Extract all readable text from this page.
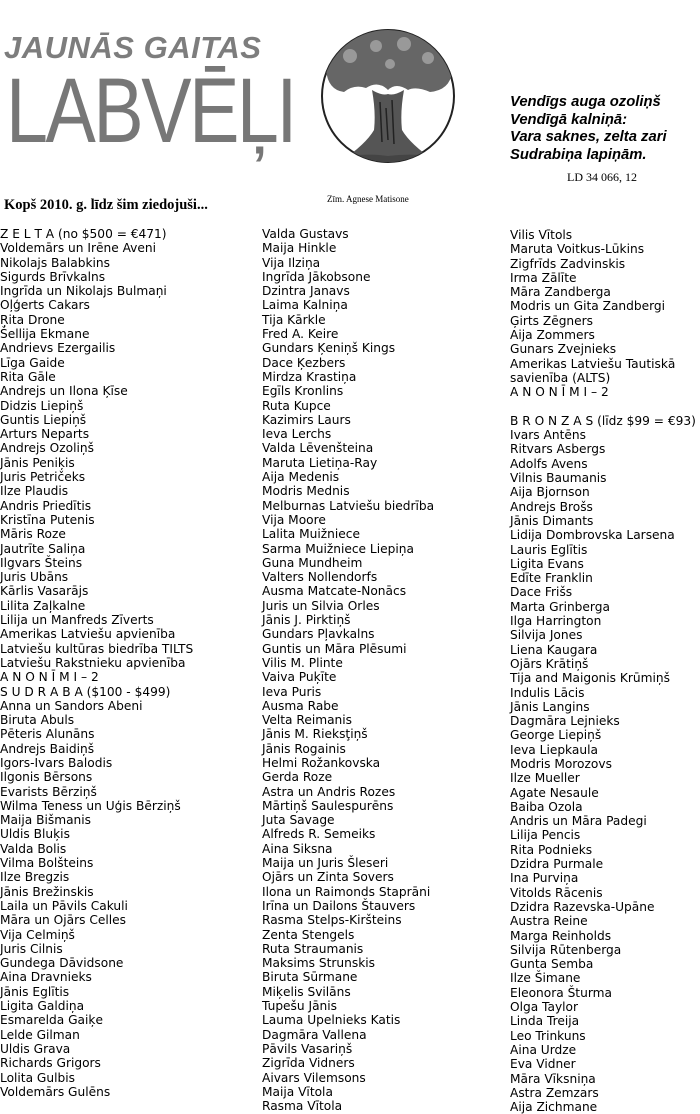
JAUNĀS GAITAS
LABVĒĻI
Kopš 2010. g. līdz šim ziedojuši...	Zīm. Agnese Matisone
Vendīgs auga ozoliņš
Vendīgā kalniņā:
Vara saknes, zelta zari
Sudrabiņa lapiņām.
LD 34 066, 12
Z E L T A (no $500 = €471)
Voldemārs un Irēne Aveni
Nikolajs Balabkins
Sigurds Brīvkalns
Ingrīda un Nikolajs Bulmaņi
Oļģerts Cakars
Ŗita Drone
Šellija Ekmane
Andrievs Ezergailis
Līga Gaide
Rita Gāle
Andrejs un Ilona Ķīse
Didzis Liepiņš
Guntis Liepiņš
Arturs Neparts
Andrejs Ozoliņš
Jānis Peniķis
Juris Petričeks
Ilze Plaudis
Andris Priedītis
Kristīna Putenis
Māris Roze
Jautrīte Saliņa
Ilgvars Šteins
Juris Ubāns
Kārlis Vasarājs
Lilita Zaļkalne
Lilija un Manfreds Zīverts
Amerikas Latviešu apvienība
Latviešu kultūras biedrība TILTS
Latviešu Rakstnieku apvienība
A N O N Ī M I – 2
S U D R A B A ($100 - $499)
Anna un Sandors Abeni
Biruta Abuls
Pēteris Alunāns
Andrejs Baidiņš
Igors-Ivars Balodis
Ilgonis Bērsons
Evarists Bērziņš
Wilma Teness un Uģis Bērziņš
Maija Bišmanis
Uldis Bluķis
Valda Bolis
Vilma Bolšteins
Ilze Bregzis
Jānis Brežinskis
Laila un Pāvils Cakuli
Māra un Ojārs Celles
Vija Celmiņš
Juris Cilnis
Gundega Dāvidsone
Aina Dravnieks
Jānis Eglītis
Ligita Galdiņa
Esmarelda Gaiķe
Lelde Gilman
Uldis Grava
Richards Grigors
Lolita Gulbis
Voldemārs Gulēns
Valda Gustavs
Maija Hinkle
Vija Ilziņa
Ingrīda Jākobsone
Dzintra Janavs
Laima Kalniņa
Tija Kārkle
Fred A. Keire
Gundars Ķeniņš Kings
Dace Ķezbers
Mirdza Krastiņa
Egīls Kronlins
Ruta Kupce
Kazimirs Laurs
Ieva Lerchs
Valda Lēvenšteina
Maruta Lietiņa-Ray
Aija Medenis
Modris Mednis
Melburnas Latviešu biedrība
Vija Moore
Lalita Muižniece
Sarma Muižniece Liepiņa
Guna Mundheim
Valters Nollendorfs
Ausma Matcate-Nonācs
Juris un Silvia Orles
Jānis J. Pirktiņš
Gundars Pļavkalns
Guntis un Māra Plēsumi
Vilis M. Plinte
Vaiva Puķīte
Ieva Puris
Ausma Rabe
Velta Reimanis
Jānis M. Rieksţiņš
Jānis Rogainis
Helmi Rožankovska
Gerda Roze
Astra un Andris Rozes
Mārtiņš Saulespurēns
Juta Savage
Alfreds R. Semeiks
Aina Siksna
Maija un Juris Šleseri
Ojārs un Zinta Sovers
Ilona un Raimonds Staprāni
Irīna un Dailons Štauvers
Rasma Stelps-Kiršteins
Zenta Stengels
Ruta Straumanis
Maksims Strunskis
Biruta Sūrmane
Miķelis Svilāns
Tupešu Jānis
Lauma Upelnieks Katis
Dagmāra Vallena
Pāvils Vasariņš
Zigrīda Vidners
Aivars Vilemsons
Maija Vītola
Rasma Vītola
Vilis Vītols
Maruta Voitkus-Lūkins
Zigfrīds Zadvinskis
Irma Zālīte
Māra Zandberga
Modris un Gita Zandbergi
Ģirts Zēgners
Aija Zommers
Gunars Zvejnieks
Amerikas Latviešu Tautiskā
savienība (ALTS)
A N O N Ī M I – 2
B R O N Z A S (līdz $99 = €93)
Ivars Antēns
Ritvars Asbergs
Adolfs Avens
Vilnis Baumanis
Aija Bjornson
Andrejs Brošs
Jānis Dimants
Lidija Dombrovska Larsena
Lauris Eglītis
Ligita Evans
Edīte Franklin
Dace Frišs
Marta Grinberga
Ilga Harrington
Silvija Jones
Liena Kaugara
Ojārs Krātiņš
Tija and Maigonis Krūmiņš
Indulis Lācis
Jānis Langins
Dagmāra Lejnieks
George Liepiņš
Ieva Liepkaula
Modris Morozovs
Ilze Mueller
Agate Nesaule
Baiba Ozola
Andris un Māra Padegi
Lilija Pencis
Rita Podnieks
Dzidra Purmale
Ina Purviņa
Vitolds Rācenis
Dzidra Razevska-Upāne
Austra Reine
Marga Reinholds
Silvija Rūtenberga
Gunta Semba
Ilze Šimane
Eleonora Šturma
Olga Taylor
Linda Treija
Leo Trinkuns
Aina Urdze
Eva Vidner
Māra Vīksniņa
Astra Zemzars
Aija Zichmane
